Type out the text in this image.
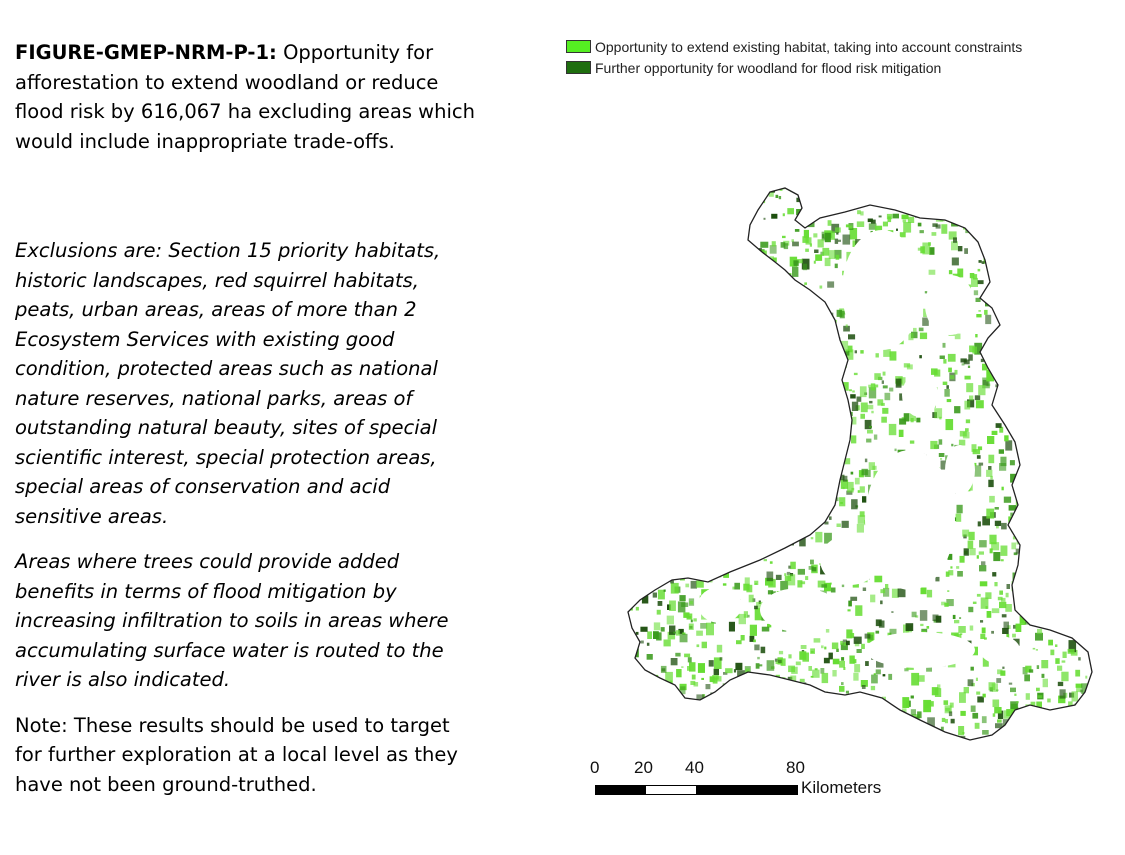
FIGURE-GMEP-NRM-P-1: Opportunity for afforestation to extend woodland or reduce flood risk by 616,067 ha excluding areas which would include inappropriate trade-offs.

Exclusions are: Section 15 priority habitats, historic landscapes, red squirrel habitats, peats, urban areas, areas of more than 2 Ecosystem Services with existing good condition, protected areas such as national nature reserves, national parks, areas of outstanding natural beauty, sites of special scientific interest, special protection areas, special areas of conservation and acid sensitive areas.

Areas where trees could provide added benefits in terms of flood mitigation by increasing infiltration to soils in areas where accumulating surface water is routed to the river is also indicated.

Note: These results should be used to target for further exploration at a local level as they have not been ground-truthed.

Opportunity to extend existing habitat, taking into account constraints
Further opportunity for woodland for flood risk mitigation
0 20 40	80
Kilometers
